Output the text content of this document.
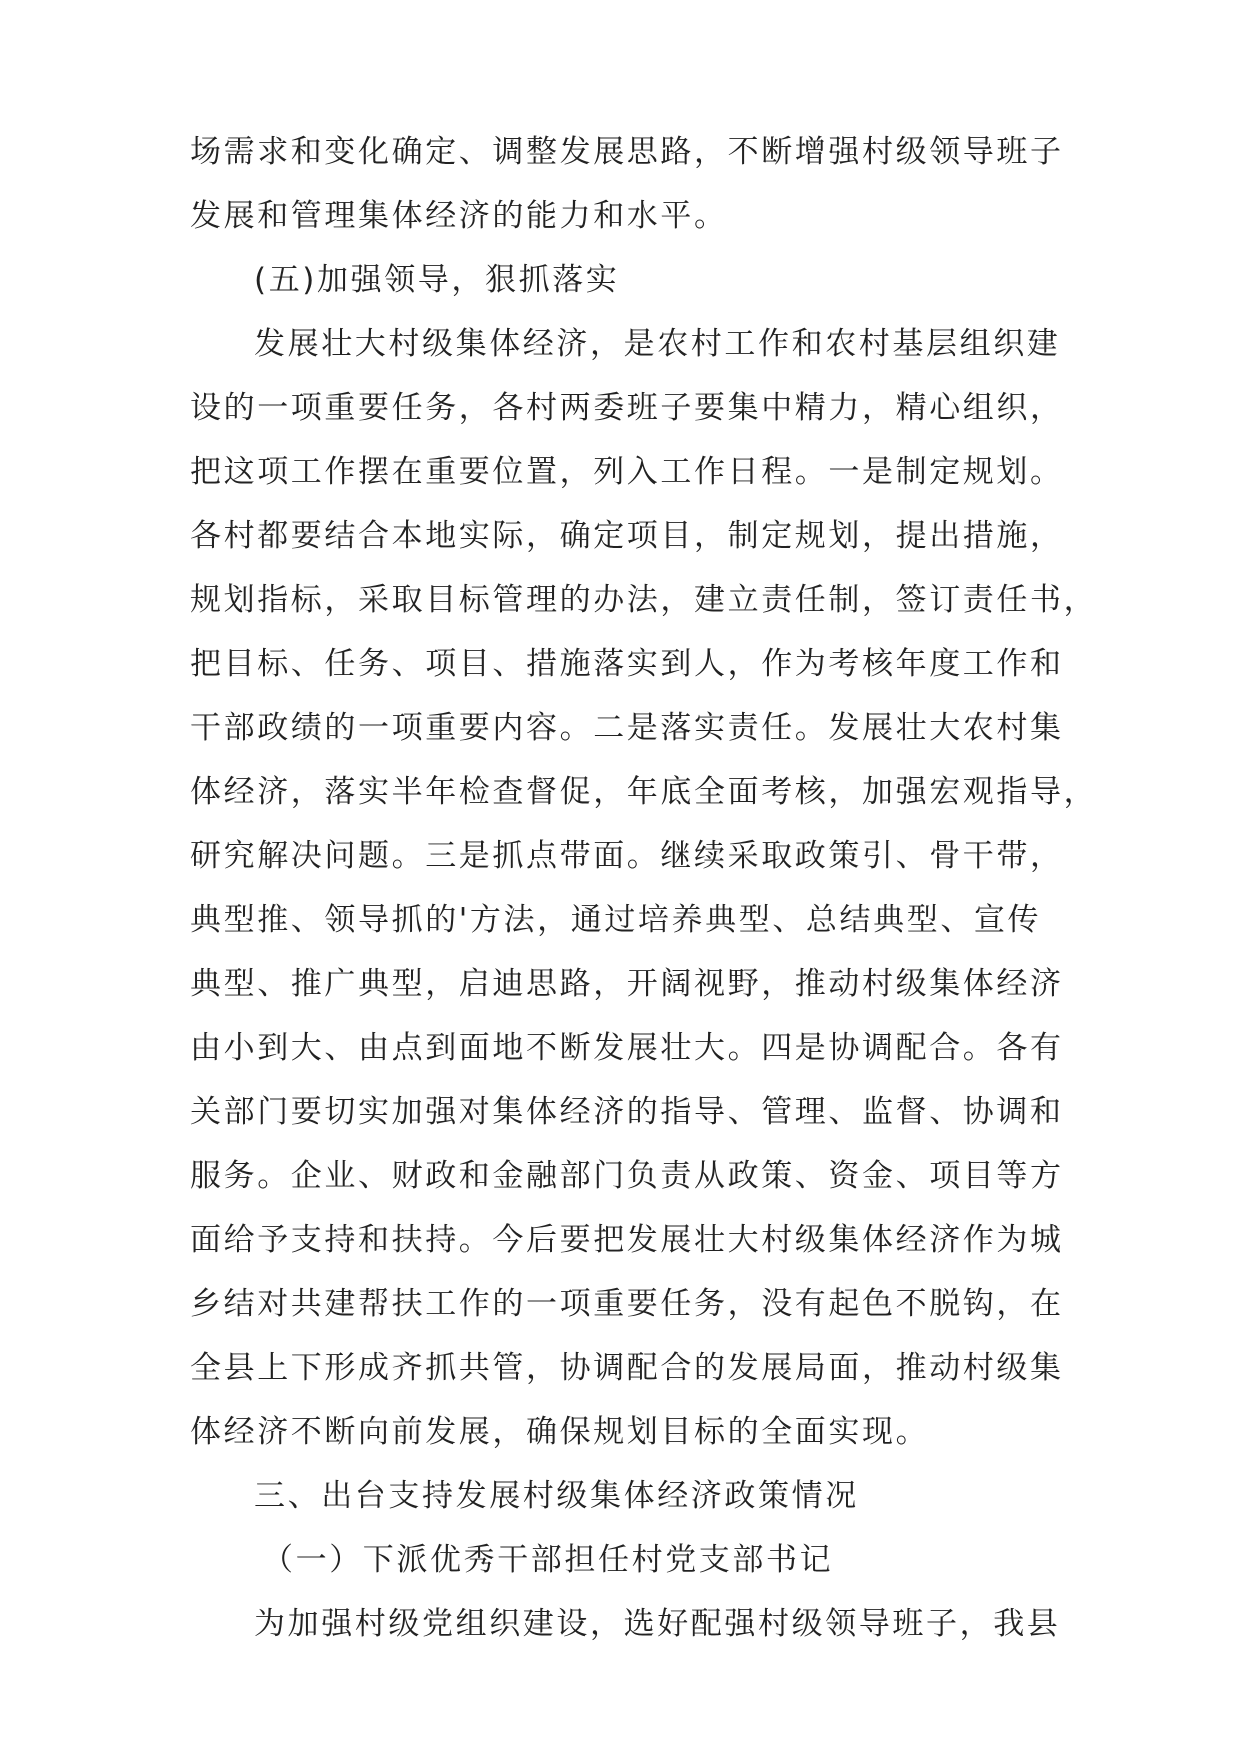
场需求和变化确定、调整发展思路，不断增强村级领导班子
发展和管理集体经济的能力和水平。
(五)加强领导，狠抓落实
发展壮大村级集体经济，是农村工作和农村基层组织建
设的一项重要任务，各村两委班子要集中精力，精心组织，
把这项工作摆在重要位置，列入工作日程。一是制定规划。
各村都要结合本地实际，确定项目，制定规划，提出措施，
规划指标，采取目标管理的办法，建立责任制，签订责任书，
把目标、任务、项目、措施落实到人，作为考核年度工作和
干部政绩的一项重要内容。二是落实责任。发展壮大农村集
体经济，落实半年检查督促，年底全面考核，加强宏观指导，
研究解决问题。三是抓点带面。继续采取政策引、骨干带，
典型推、领导抓的'方法，通过培养典型、总结典型、宣传
典型、推广典型，启迪思路，开阔视野，推动村级集体经济
由小到大、由点到面地不断发展壮大。四是协调配合。各有
关部门要切实加强对集体经济的指导、管理、监督、协调和
服务。企业、财政和金融部门负责从政策、资金、项目等方
面给予支持和扶持。今后要把发展壮大村级集体经济作为城
乡结对共建帮扶工作的一项重要任务，没有起色不脱钩，在
全县上下形成齐抓共管，协调配合的发展局面，推动村级集
体经济不断向前发展，确保规划目标的全面实现。
三、出台支持发展村级集体经济政策情况
（一）下派优秀干部担任村党支部书记
为加强村级党组织建设，选好配强村级领导班子，我县
